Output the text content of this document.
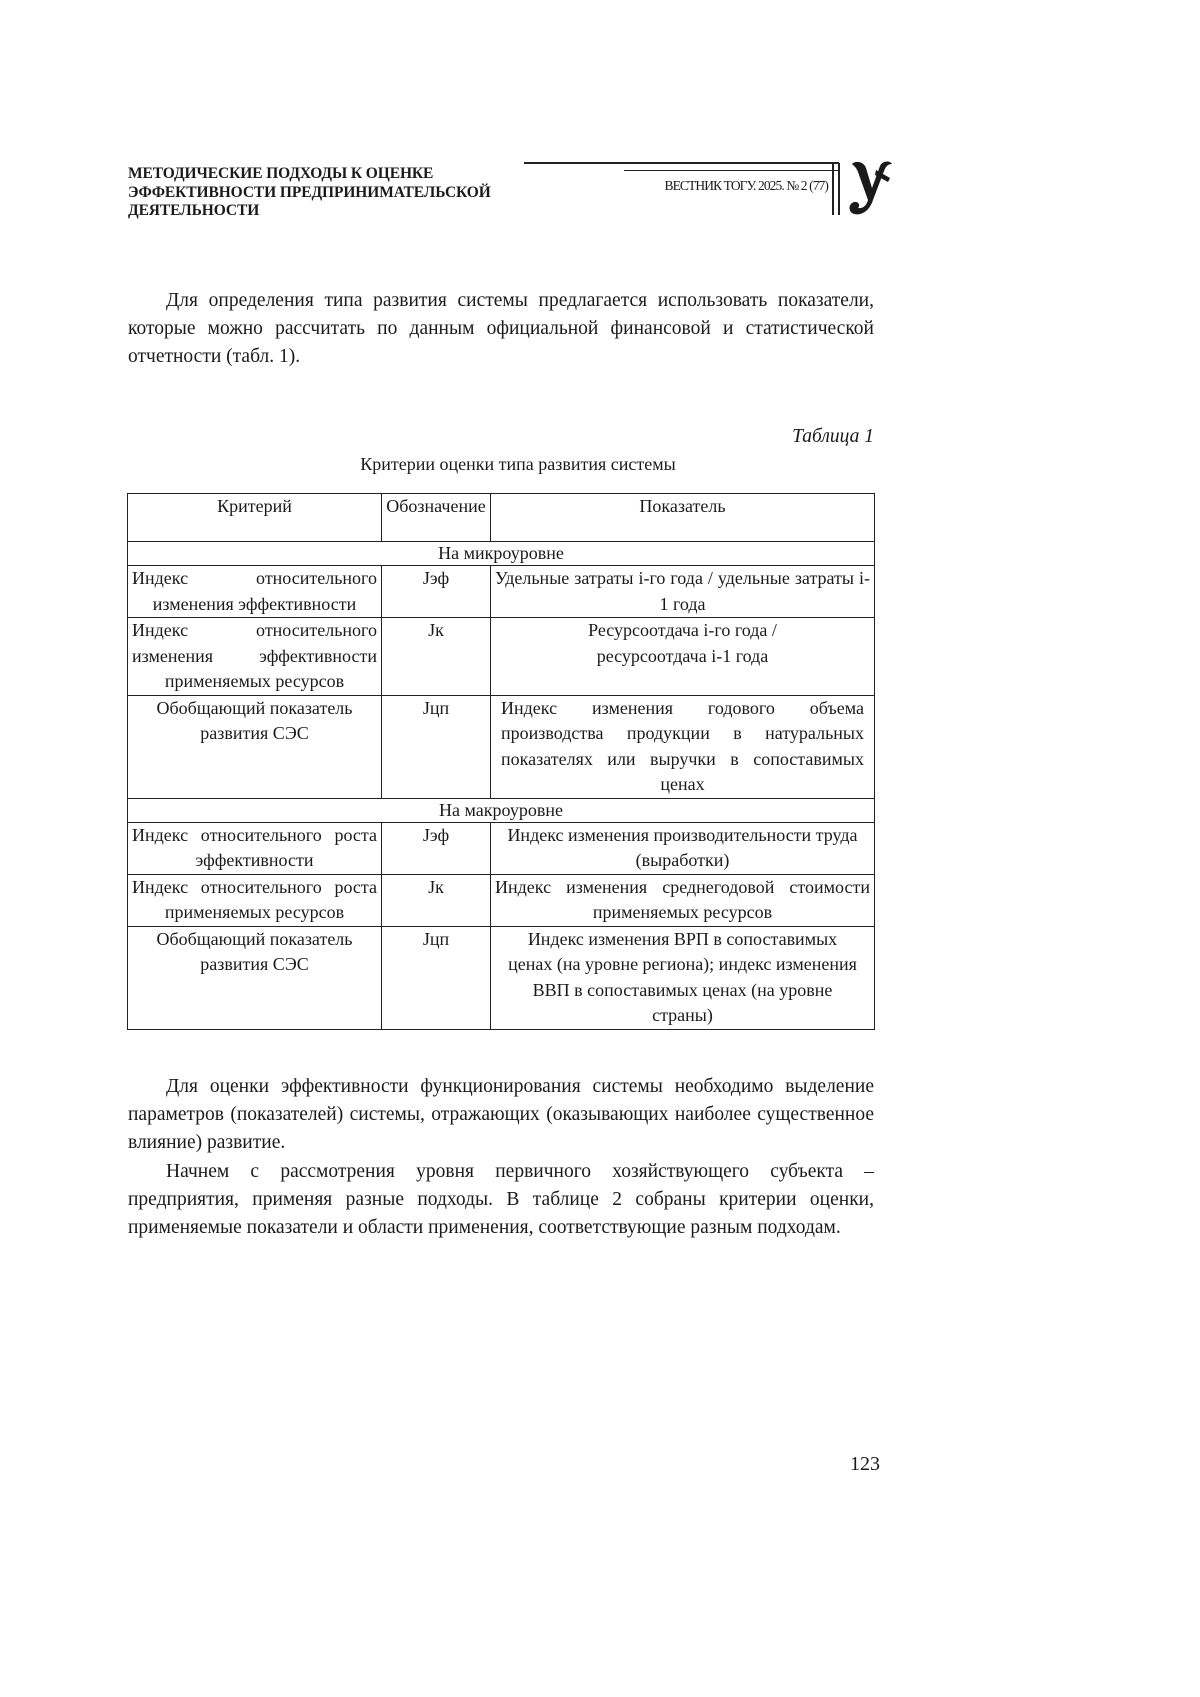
МЕТОДИЧЕСКИЕ ПОДХОДЫ К ОЦЕНКЕ ЭФФЕКТИВНОСТИ ПРЕДПРИНИМАТЕЛЬСКОЙ ДЕЯТЕЛЬНОСТИ
ВЕСТНИК ТОГУ. 2025. № 2 (77)

Для определения типа развития системы предлагается использовать показатели, которые можно рассчитать по данным официальной финансовой и статистической отчетности (табл. 1).

Таблица 1
Критерии оценки типа развития системы
Критерий	Обозначение	Показатель
На микроуровне		
Индекс относительного изменения эффективности	Jэф	Удельные затраты i-го года / удельные затраты i-1 года
Индекс относительного изменения эффективности применяемых ресурсов	Jк	Ресурсоотдача i-го года / ресурсоотдача i-1 года
Обобщающий показатель развития СЭС	Jцп	Индекс изменения годового объема производства продукции в натуральных показателях или выручки в сопоставимых ценах
На макроуровне		
Индекс относительного роста эффективности	Jэф	Индекс изменения производительности труда (выработки)
Индекс относительного роста применяемых ресурсов	Jк	Индекс изменения среднегодовой стоимости применяемых ресурсов
Обобщающий показатель развития СЭС	Jцп	Индекс изменения ВРП в сопоставимых ценах (на уровне региона); индекс изменения ВВП в сопоставимых ценах (на уровне страны)

Для оценки эффективности функционирования системы необходимо выделение параметров (показателей) системы, отражающих (оказывающих наиболее существенное влияние) развитие.

Начнем с рассмотрения уровня первичного хозяйствующего субъекта – предприятия, применяя разные подходы. В таблице 2 собраны критерии оценки, применяемые показатели и области применения, соответствующие разным подходам.

123
